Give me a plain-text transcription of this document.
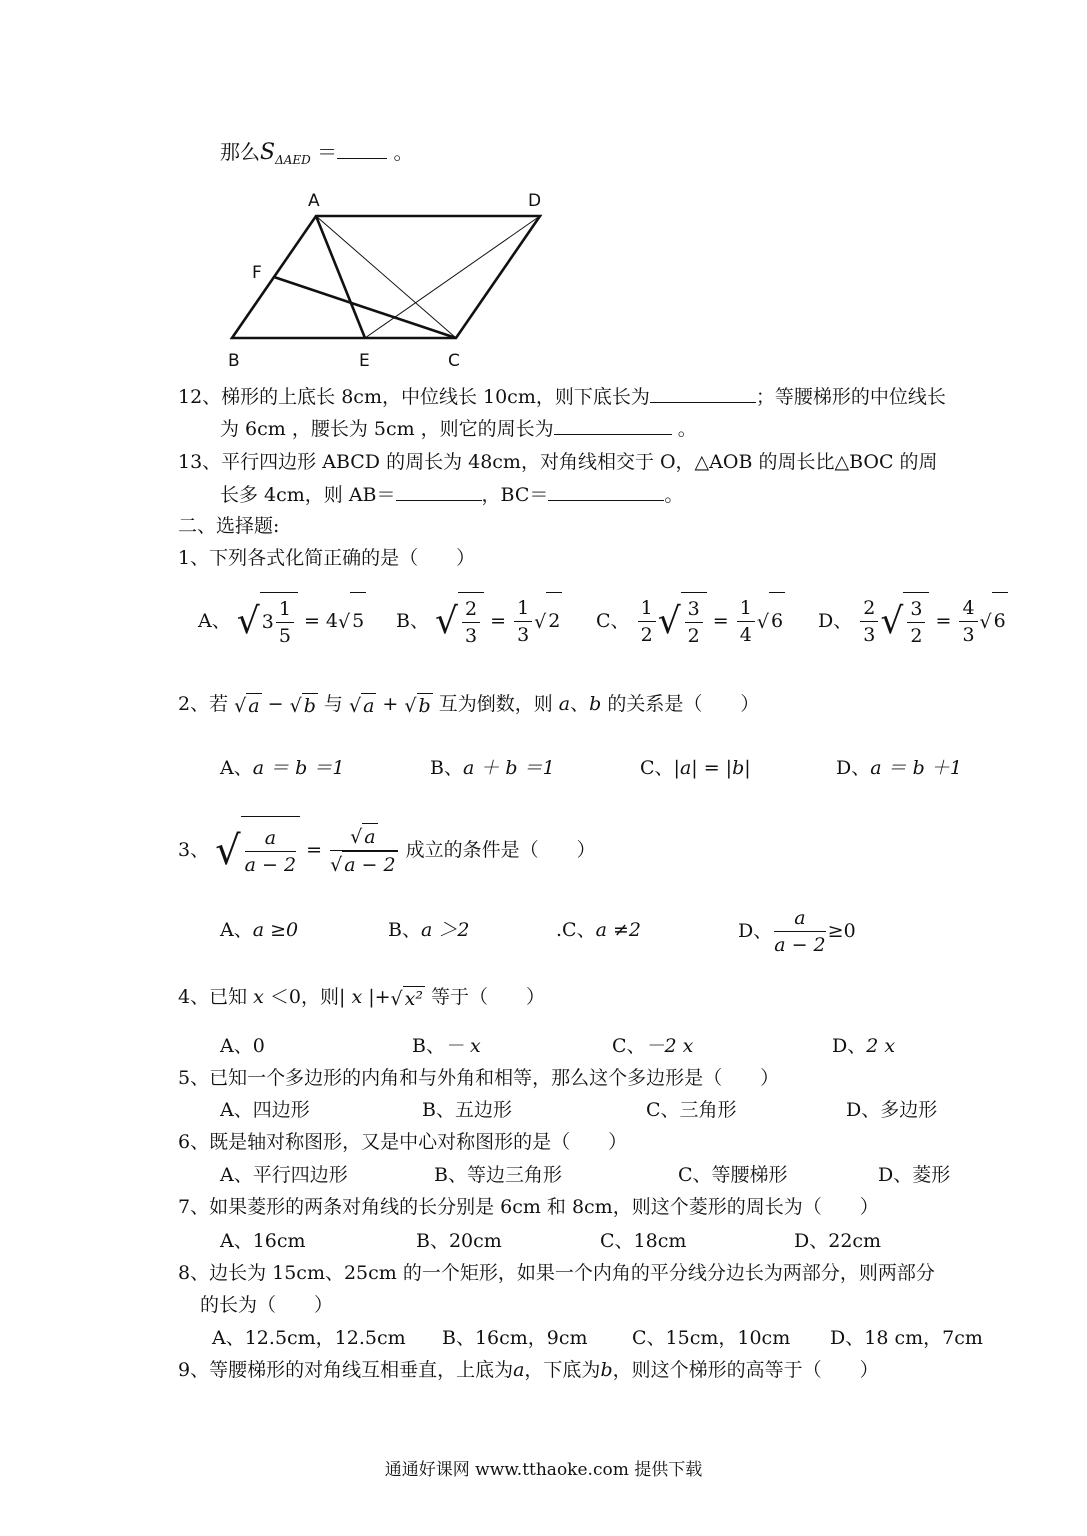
那么$S_{\Delta AED}$ ＝	。
A	D
F
B	E	C
12、梯形的上底长 8cm，中位线长 10cm，则下底长为	；等腰梯形的中位线长
为 6cm ，腰长为 5cm ，则它的周长为	。
13、平行四边形 ABCD 的周长为 48cm，对角线相交于 O，△AOB 的周长比△BOC 的周
长多 4cm，则 AB＝	，BC＝	。
二、选择题:
1、下列各式化简正确的是（　　）
A、 √ $3 \frac{1}{5} = 4√$ 5 B、 √ $\frac{2}{3} = \frac{1}{3}$ √ 2 C、 $\frac{1}{2}$ √ $\frac{3}{2} = \frac{1}{4}$ √ 6 D、 $\frac{2}{3}$ √ $\frac{3}{2} = \frac{4}{3}$ √ 6
2、若 √ a − √ b 与 √ a + √ b 互为倒数，则 a、b 的关系是（　　）
A、a ＝ b ＝1	B、a ＋ b ＝1	C、|a| = |b|	D、a ＝ b ＋1
3、 √ $\frac{a}{a - 2} = \frac{√ a}{√ a - 2}$ 成立的条件是（　　）
A、a ≥0	B、a ＞2	.C、a ≠2	D、 $\frac{a}{a - 2} \ge 0$
4、已知 x ＜0，则| x |+√ x² 等于（　　）
A、0	B、－ x	C、－2 x	D、2 x
5、已知一个多边形的内角和与外角和相等，那么这个多边形是（　　）
A、四边形	B、五边形	C、三角形	D、多边形
6、既是轴对称图形，又是中心对称图形的是（　　）
A、平行四边形	B、等边三角形	C、等腰梯形	D、菱形
7、如果菱形的两条对角线的长分别是 6cm 和 8cm，则这个菱形的周长为（　　）
A、16cm	B、20cm	C、18cm	D、22cm
8、边长为 15cm、25cm 的一个矩形，如果一个内角的平分线分边长为两部分，则两部分
的长为（　　）
A、12.5cm，12.5cm B、16cm，9cm C、15cm，10cm D、18 cm，7cm
9、等腰梯形的对角线互相垂直，上底为a，下底为b，则这个梯形的高等于（　　）
通通好课网 www.tthaoke.com 提供下载
